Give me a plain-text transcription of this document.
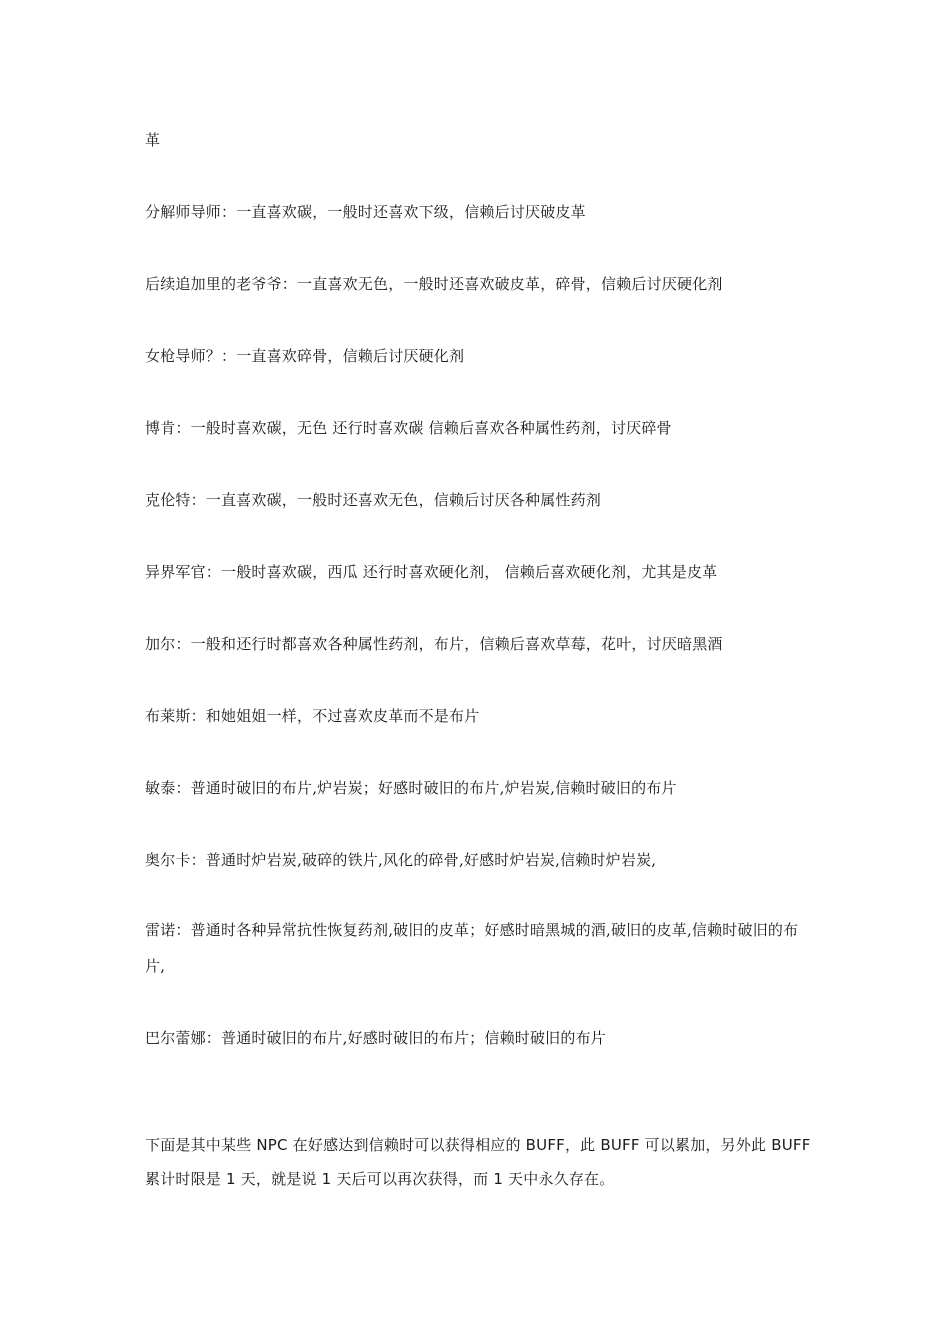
革
分解师导师：一直喜欢碳，一般时还喜欢下级，信赖后讨厌破皮革
后续追加里的老爷爷：一直喜欢无色，一般时还喜欢破皮革，碎骨，信赖后讨厌硬化剂
女枪导师？：一直喜欢碎骨，信赖后讨厌硬化剂
博肯：一般时喜欢碳，无色 还行时喜欢碳 信赖后喜欢各种属性药剂，讨厌碎骨
克伦特：一直喜欢碳，一般时还喜欢无色，信赖后讨厌各种属性药剂
异界军官：一般时喜欢碳，西瓜 还行时喜欢硬化剂， 信赖后喜欢硬化剂，尤其是皮革
加尔：一般和还行时都喜欢各种属性药剂，布片，信赖后喜欢草莓，花叶，讨厌暗黑酒
布莱斯：和她姐姐一样，不过喜欢皮革而不是布片
敏泰：普通时破旧的布片,炉岩炭；好感时破旧的布片,炉岩炭,信赖时破旧的布片
奥尔卡：普通时炉岩炭,破碎的铁片,风化的碎骨,好感时炉岩炭,信赖时炉岩炭,
雷诺：普通时各种异常抗性恢复药剂,破旧的皮革；好感时暗黑城的酒,破旧的皮革,信赖时破旧的布片,
巴尔蕾娜：普通时破旧的布片,好感时破旧的布片；信赖时破旧的布片
下面是其中某些 NPC 在好感达到信赖时可以获得相应的 BUFF，此 BUFF 可以累加，另外此 BUFF 累计时限是 1 天，就是说 1 天后可以再次获得，而 1 天中永久存在。
